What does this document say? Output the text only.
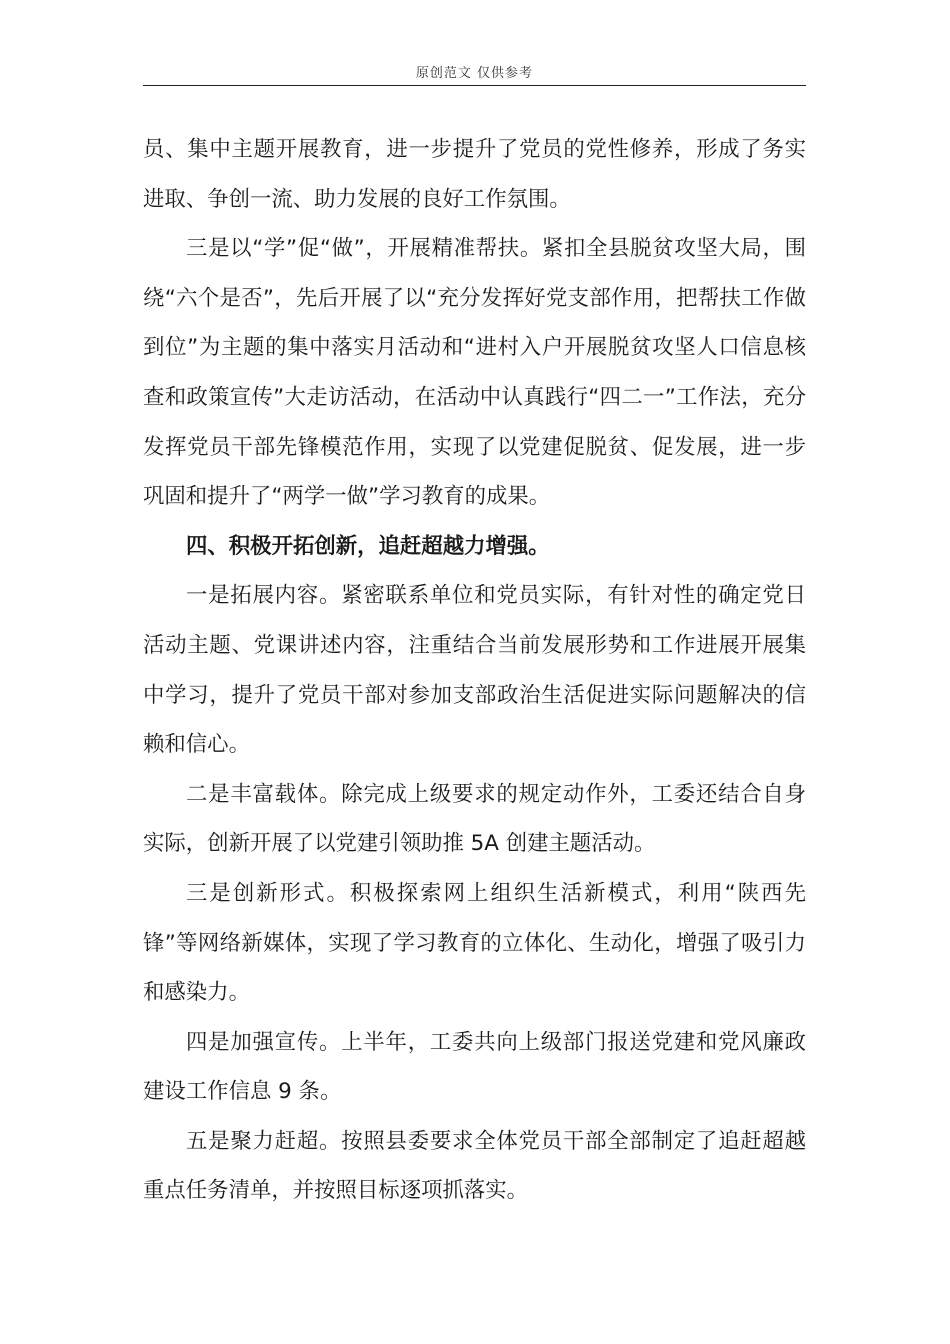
原创范文 仅供参考

员、集中主题开展教育，进一步提升了党员的党性修养，形成了务实进取、争创一流、助力发展的良好工作氛围。

三是以“学”促“做”，开展精准帮扶。紧扣全县脱贫攻坚大局，围绕“六个是否”，先后开展了以“充分发挥好党支部作用，把帮扶工作做到位”为主题的集中落实月活动和“进村入户开展脱贫攻坚人口信息核查和政策宣传”大走访活动，在活动中认真践行“四二一”工作法，充分发挥党员干部先锋模范作用，实现了以党建促脱贫、促发展，进一步巩固和提升了“两学一做”学习教育的成果。

四、积极开拓创新，追赶超越力增强。

一是拓展内容。紧密联系单位和党员实际，有针对性的确定党日活动主题、党课讲述内容，注重结合当前发展形势和工作进展开展集中学习，提升了党员干部对参加支部政治生活促进实际问题解决的信赖和信心。

二是丰富载体。除完成上级要求的规定动作外，工委还结合自身实际，创新开展了以党建引领助推 5A 创建主题活动。

三是创新形式。积极探索网上组织生活新模式，利用“陕西先锋”等网络新媒体，实现了学习教育的立体化、生动化，增强了吸引力和感染力。

四是加强宣传。上半年，工委共向上级部门报送党建和党风廉政建设工作信息 9 条。

五是聚力赶超。按照县委要求全体党员干部全部制定了追赶超越重点任务清单，并按照目标逐项抓落实。
